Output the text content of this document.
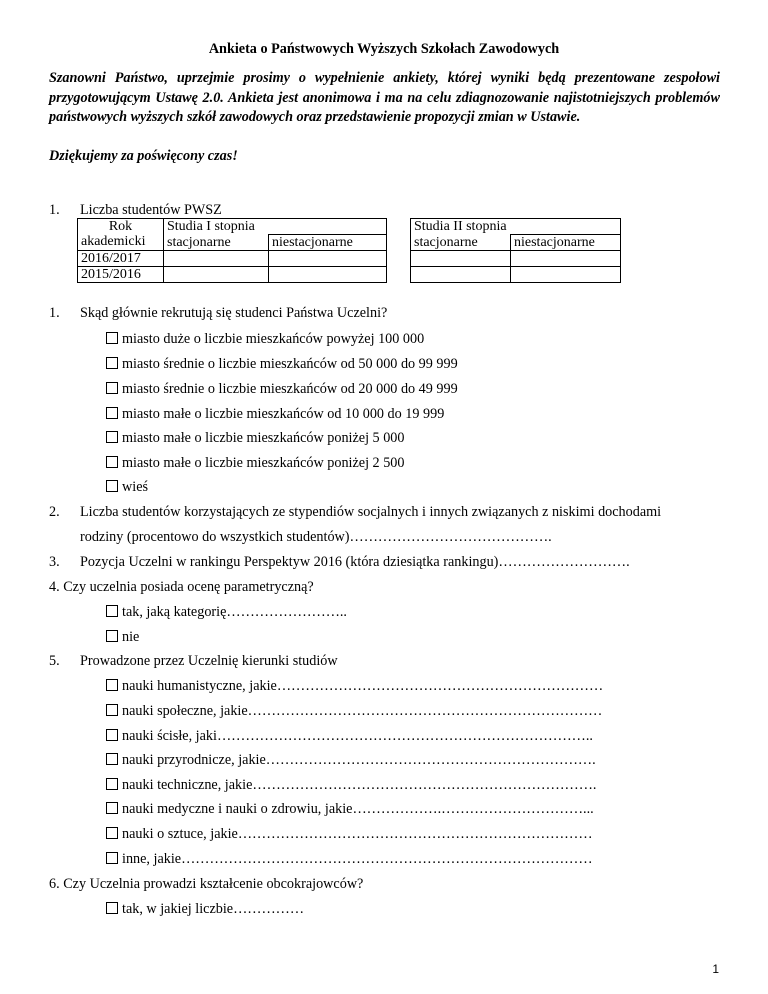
Ankieta o Państwowych Wyższych Szkołach Zawodowych
Szanowni Państwo, uprzejmie prosimy o wypełnienie ankiety, której wyniki będą prezentowane zespołowi przygotowującym Ustawę 2.0. Ankieta jest anonimowa i ma na celu zdiagnozowanie najistotniejszych problemów państwowych wyższych szkół zawodowych oraz przedstawienie propozycji zmian w Ustawie.
Dziękujemy za poświęcony czas!
1. Liczba studentów PWSZ
Rok
akademicki	Studia I stopnia			Studia II stopnia	
	stacjonarne	niestacjonarne		stacjonarne	niestacjonarne
2016/2017					
2015/2016					
1. Skąd głównie rekrutują się studenci Państwa Uczelni?
miasto duże o liczbie mieszkańców powyżej 100 000
miasto średnie o liczbie mieszkańców od 50 000 do 99 999
miasto średnie o liczbie mieszkańców od 20 000 do 49 999
miasto małe o liczbie mieszkańców od 10 000 do 19 999
miasto małe o liczbie mieszkańców poniżej 5 000
miasto małe o liczbie mieszkańców poniżej 2 500
wieś
2. Liczba studentów korzystających ze stypendiów socjalnych i innych związanych z niskimi dochodami
rodziny (procentowo do wszystkich studentów)…………………………………….
3. Pozycja Uczelni w rankingu Perspektyw 2016 (która dziesiątka rankingu)……………………….
4. Czy uczelnia posiada ocenę parametryczną?
tak, jaką kategorię……………………..
nie
5. Prowadzone przez Uczelnię kierunki studiów
nauki humanistyczne, jakie……………………………………………………………
nauki społeczne, jakie…………………………………………………………………
nauki ścisłe, jaki……………………………………………………………………..
nauki przyrodnicze, jakie…………………………………………………………….
nauki techniczne, jakie……………………………………………………………….
nauki medyczne i nauki o zdrowiu, jakie……………….…………………………...
nauki o sztuce, jakie…………………………………………………………………
inne, jakie……………………………………………………………………………
6. Czy Uczelnia prowadzi kształcenie obcokrajowców?
tak, w jakiej liczbie……………
1
